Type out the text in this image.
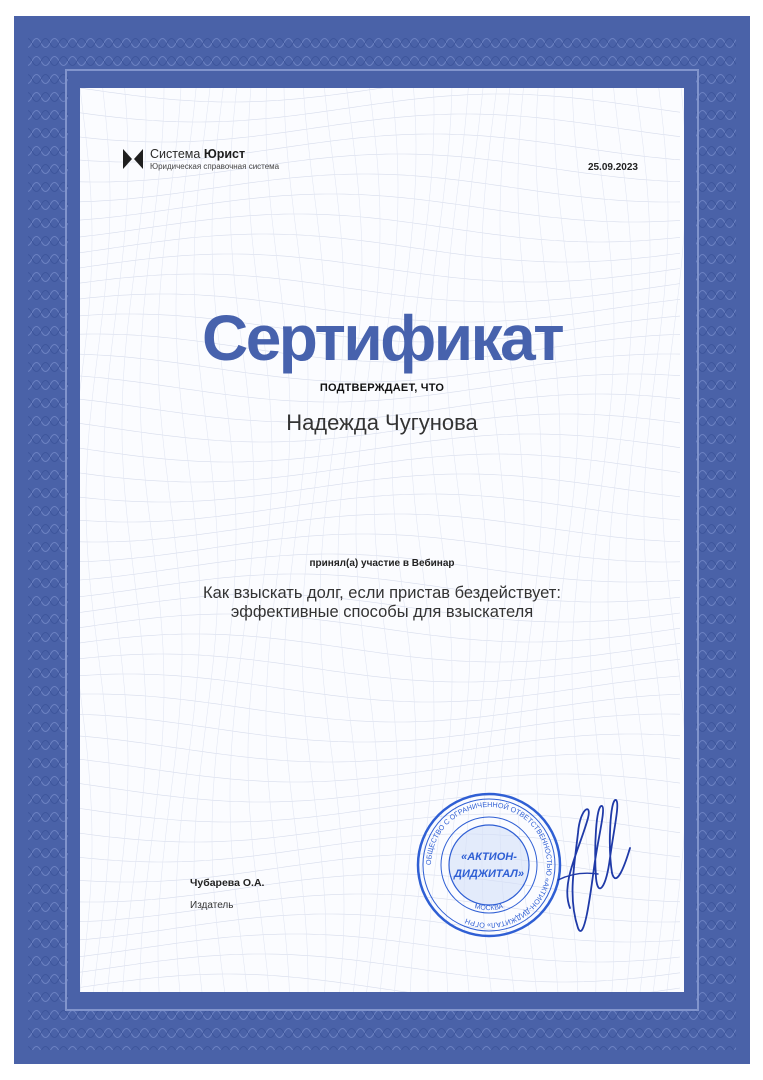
Система Юрист
Юридическая справочная система	25.09.2023
Сертификат
ПОДТВЕРЖДАЕТ, ЧТО
Надежда Чугунова
принял(а) участие в Вебинар
Как взыскать долг, если пристав бездействует:
эффективные способы для взыскателя
Чубарева О.А.
Издатель
ОБЩЕСТВО С ОГРАНИЧЕННОЙ ОТВЕТСТВЕННОСТЬЮ «АКТИОН-ДИДЖИТАЛ» ОГРН
«АКТИОН-
ДИДЖИТАЛ»
МОСКВА
